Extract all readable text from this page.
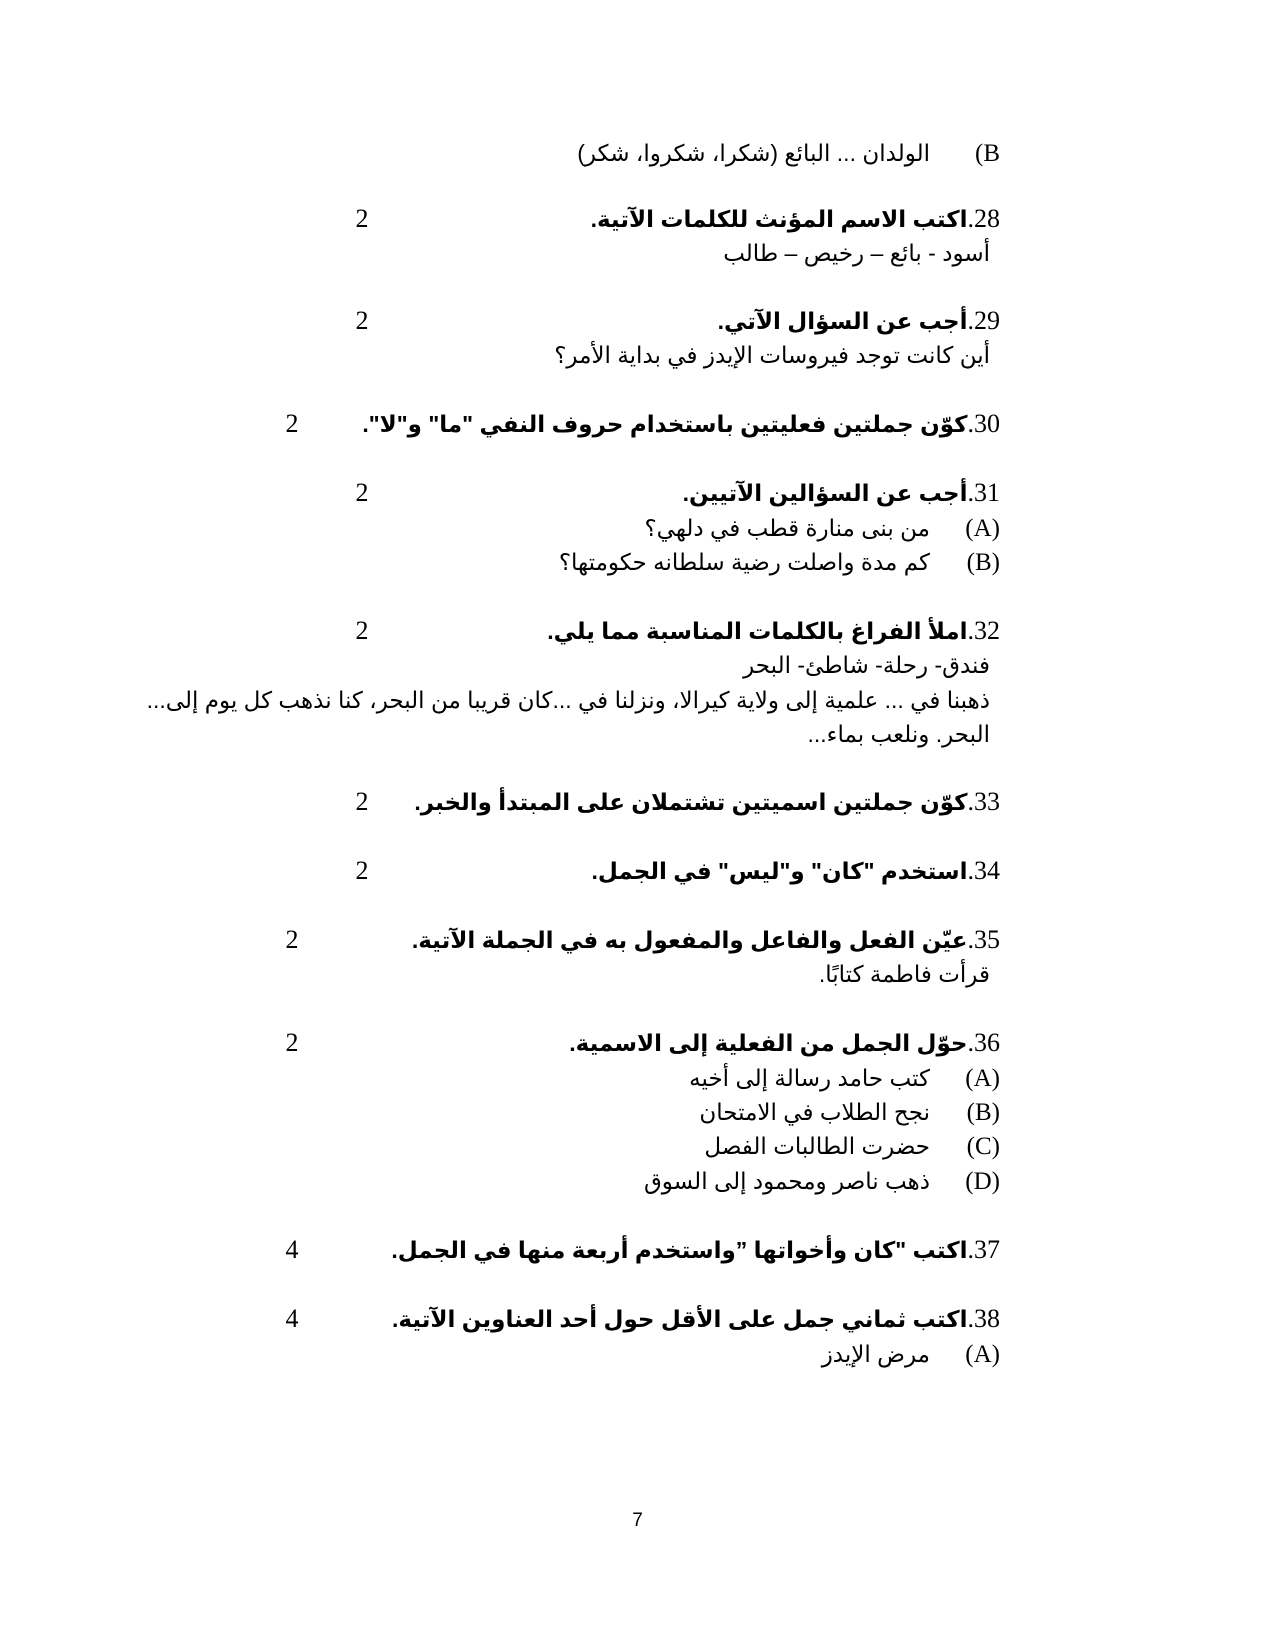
B)الولدان ... البائع (شكرا، شكروا، شكر)
28.اكتب الاسم المؤنث للكلمات الآتية.
2
أسود - بائع – رخيص – طالب
29.أجب عن السؤال الآتي.
2
أين كانت توجد فيروسات الإيدز في بداية الأمر؟
30.كوّن جملتين فعليتين باستخدام حروف النفي "ما" و"لا".
2
31.أجب عن السؤالين الآتيين.
2
(A)من بنى منارة قطب في دلهي؟
(B)كم مدة واصلت رضية سلطانه حكومتها؟
32.املأ الفراغ بالكلمات المناسبة مما يلي.
2
فندق- رحلة- شاطئ- البحر
ذهبنا في ... علمية إلى ولاية كيرالا، ونزلنا في ...كان قريبا من البحر، كنا نذهب كل يوم إلى...
البحر. ونلعب بماء...
33.كوّن جملتين اسميتين تشتملان على المبتدأ والخبر.
2
34.استخدم "كان" و"ليس" في الجمل.
2
35.عيّن الفعل والفاعل والمفعول به في الجملة الآتية.
2
قرأت فاطمة كتابًا.
36.حوّل الجمل من الفعلية إلى الاسمية.
2
(A)كتب حامد رسالة إلى أخيه
(B)نجح الطلاب في الامتحان
(C)حضرت الطالبات الفصل
(D)ذهب ناصر ومحمود إلى السوق
37.اكتب "كان وأخواتها ”واستخدم أربعة منها في الجمل.
4
38.اكتب ثماني جمل على الأقل حول أحد العناوين الآتية.
4
(A)مرض الإيدز
7
